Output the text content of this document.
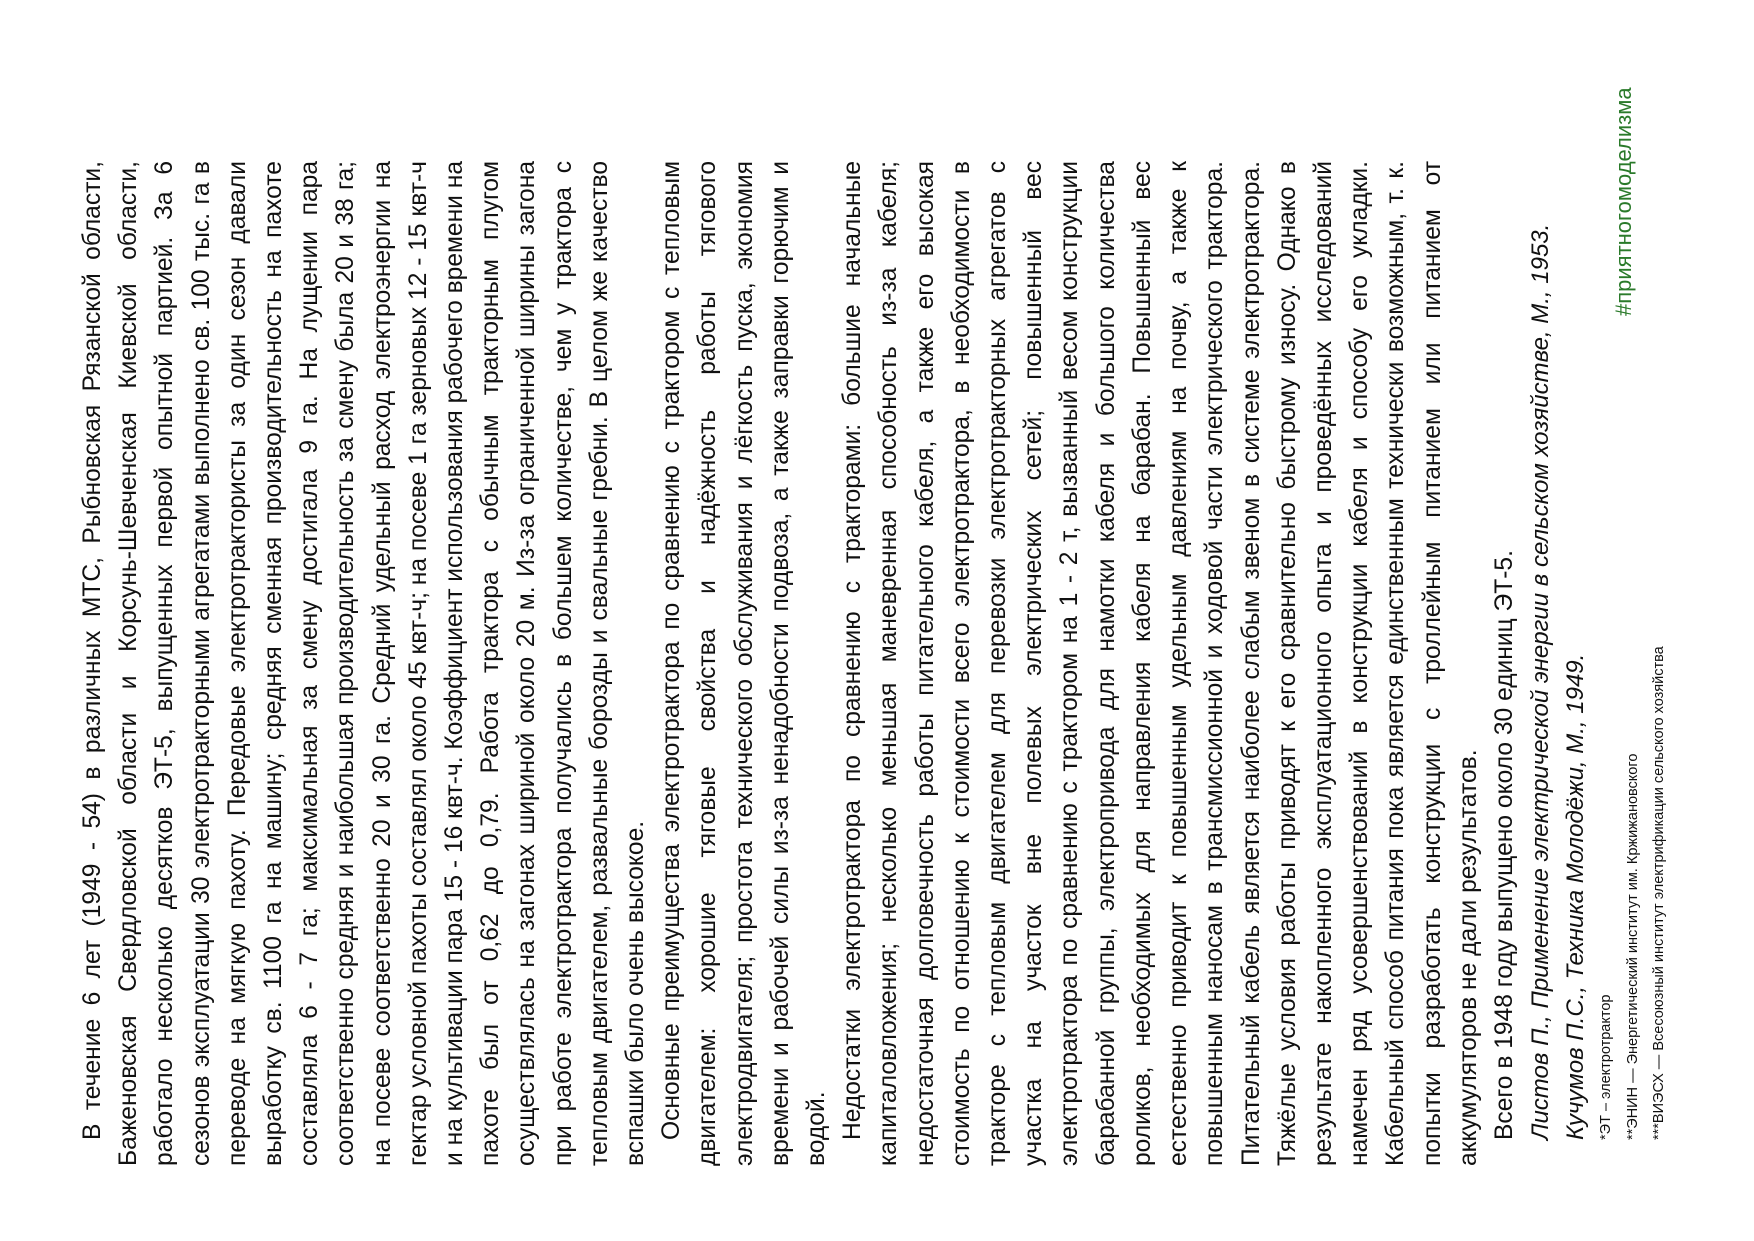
В течение 6 лет (1949 - 54) в различных МТС, Рыбновская Рязанской области, Баженовская Свердловской области и Корсунь-Шевченская Киевской области, работало несколько десятков ЭТ-5, выпущенных первой опытной партией. За 6 сезонов эксплуатации 30 электротракторными агрегатами выполнено св. 100 тыс. га в переводе на мягкую пахоту. Передовые электротрактористы за один сезон давали выработку св. 1100 га на машину; средняя сменная производительность на пахоте составляла 6 - 7 га; максимальная за смену достигала 9 га. На лущении пара соответственно средняя и наибольшая производительность за смену была 20 и 38 га; на посеве соответственно 20 и 30 га. Средний удельный расход электроэнергии на гектар условной пахоты составлял около 45 квт-ч; на посеве 1 га зерновых 12 - 15 квт-ч и на культивации пара 15 - 16 квт-ч. Коэффициент использования рабочего времени на пахоте был от 0,62 до 0,79. Работа трактора с обычным тракторным плугом осуществлялась на загонах шириной около 20 м. Из-за ограниченной ширины загона при работе электротрактора получались в большем количестве, чем у трактора с тепловым двигателем, развальные борозды и свальные гребни. В целом же качество вспашки было очень высокое. Основные преимущества электротрактора по сравнению с трактором с тепловым двигателем: хорошие тяговые свойства и надёжность работы тягового электродвигателя; простота технического обслуживания и лёгкость пуска, экономия времени и рабочей силы из-за ненадобности подвоза, а также заправки горючим и водой. Недостатки электротрактора по сравнению с тракторами: большие начальные капиталовложения; несколько меньшая маневренная способность из-за кабеля; недостаточная долговечность работы питательного кабеля, а также его высокая стоимость по отношению к стоимости всего электротрактора, в необходимости в тракторе с тепловым двигателем для перевозки электротракторных агрегатов с участка на участок вне полевых электрических сетей; повышенный вес электротрактора по сравнению с трактором на 1 - 2 т, вызванный весом конструкции барабанной группы, электропривода для намотки кабеля и большого количества роликов, необходимых для направления кабеля на барабан. Повышенный вес естественно приводит к повышенным удельным давлениям на почву, а также к повышенным наносам в трансмиссионной и ходовой части электрического трактора. Питательный кабель является наиболее слабым звеном в системе электротрактора. Тяжёлые условия работы приводят к его сравнительно быстрому износу. Однако в результате накопленного эксплуатационного опыта и проведённых исследований намечен ряд усовершенствований в конструкции кабеля и способу его укладки. Кабельный способ питания пока является единственным технически возможным, т. к. попытки разработать конструкции с троллейным питанием или питанием от аккумуляторов не дали результатов. Всего в 1948 году выпущено около 30 единиц ЭТ-5. Листов П., Применение электрической энергии в сельском хозяйстве, М., 1953. Кучумов П.С., Техника Молодёжи, М., 1949. *ЭТ – электротрактор **ЭНИН — Энергетический институт им. Кржижановского ***ВИЭСХ — Всесоюзный институт электрификации сельского хозяйства

#приятногомоделизма
